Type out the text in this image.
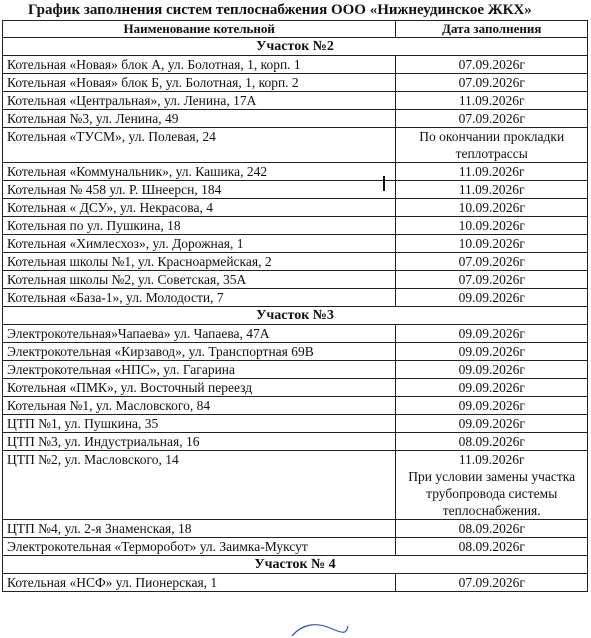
График заполнения систем теплоснабжения ООО «Нижнеудинское ЖКХ»
Наименование котельной	Дата заполнения
Участок №2	
Котельная «Новая» блок А, ул. Болотная, 1, корп. 1	07.09.2026г
Котельная «Новая» блок Б, ул. Болотная, 1, корп. 2	07.09.2026г
Котельная «Центральная», ул. Ленина, 17А	11.09.2026г
Котельная №3, ул. Ленина, 49	07.09.2026г
Котельная «ТУСМ», ул. Полевая, 24	По окончании прокладки теплотрассы
Котельная «Коммунальник», ул. Кашика, 242	11.09.2026г
Котельная № 458 ул. Р. Шнеерсн, 184	11.09.2026г
Котельная « ДСУ», ул. Некрасова, 4	10.09.2026г
Котельная по ул. Пушкина, 18	10.09.2026г
Котельная «Химлесхоз», ул. Дорожная, 1	10.09.2026г
Котельная школы №1, ул. Красноармейская, 2	07.09.2026г
Котельная школы №2, ул. Советская, 35А	07.09.2026г
Котельная «База-1», ул. Молодости, 7	09.09.2026г
Участок №3	
Электрокотельная»Чапаева» ул. Чапаева, 47А	09.09.2026г
Электрокотельная «Кирзавод», ул. Транспортная 69В	09.09.2026г
Электрокотельная «НПС», ул. Гагарина	09.09.2026г
Котельная «ПМК», ул. Восточный переезд	09.09.2026г
Котельная №1, ул. Масловского, 84	09.09.2026г
ЦТП №1, ул. Пушкина, 35	09.09.2026г
ЦТП №3, ул. Индустриальная, 16	08.09.2026г
ЦТП №2, ул. Масловского, 14	11.09.2026г
При условии замены участка трубопровода системы теплоснабжения.

ЦТП №4, ул. 2-я Знаменская, 18	08.09.2026г
Электрокотельная «Терморобот» ул. Заимка-Муксут	08.09.2026г
Участок № 4	
Котельная «НСФ» ул. Пионерская, 1	07.09.2026г
